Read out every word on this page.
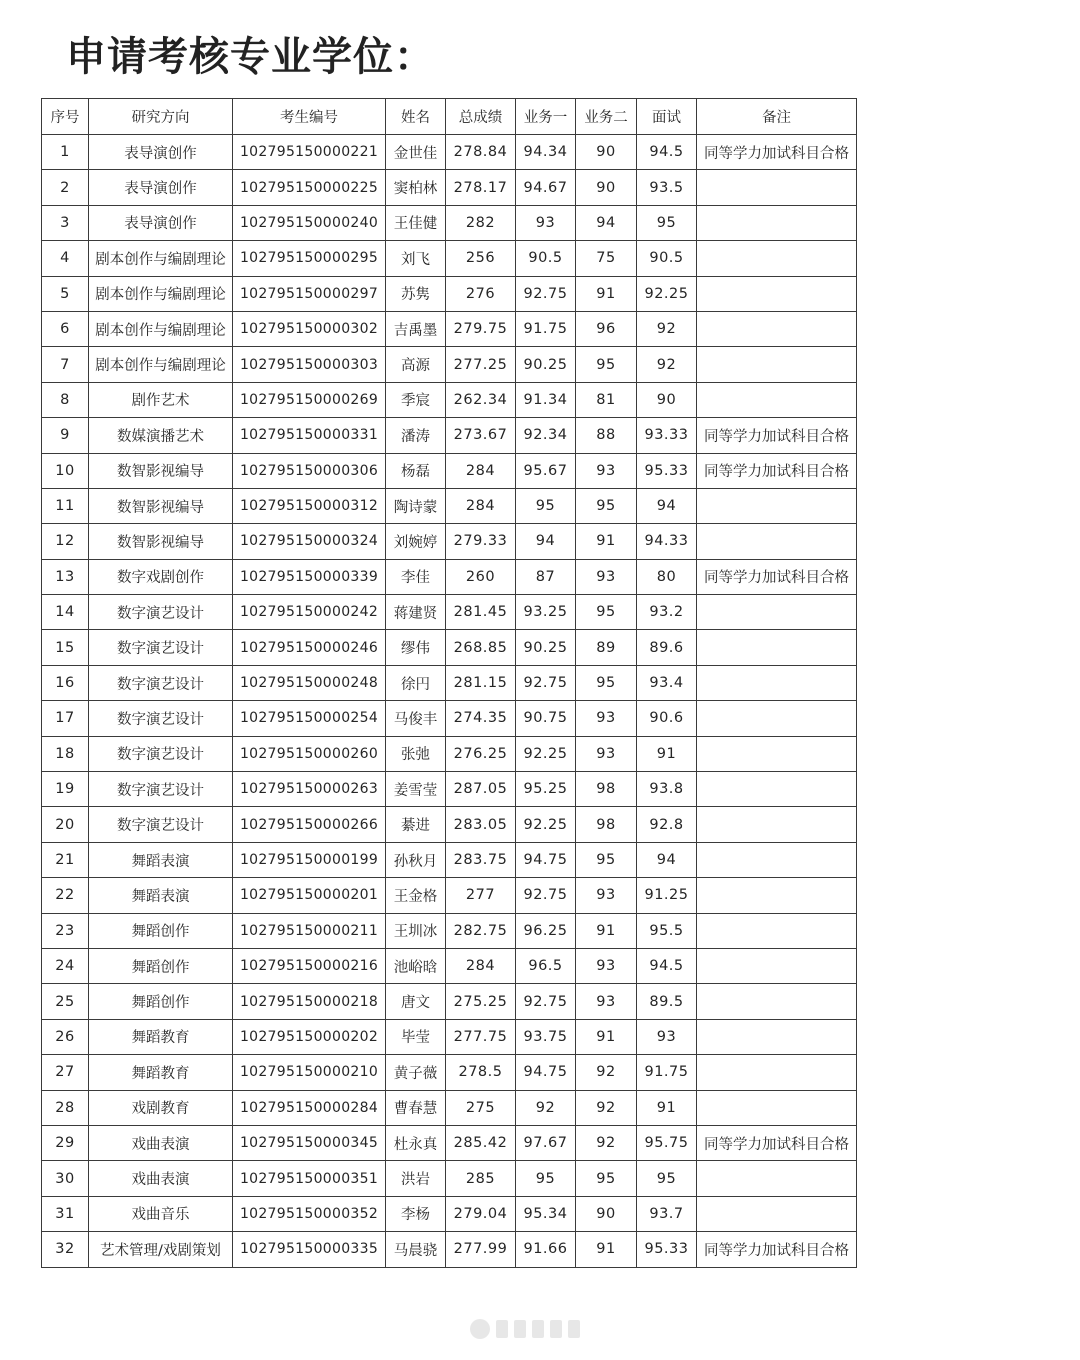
申请考核专业学位：
序号	研究方向	考生编号	姓名	总成绩	业务一	业务二	面试	备注
1	表导演创作	102795150000221	金世佳	278.84	94.34	90	94.5	同等学力加试科目合格
2	表导演创作	102795150000225	窦柏林	278.17	94.67	90	93.5	
3	表导演创作	102795150000240	王佳健	282	93	94	95	
4	剧本创作与编剧理论	102795150000295	刘飞	256	90.5	75	90.5	
5	剧本创作与编剧理论	102795150000297	苏隽	276	92.75	91	92.25	
6	剧本创作与编剧理论	102795150000302	吉禹墨	279.75	91.75	96	92	
7	剧本创作与编剧理论	102795150000303	高源	277.25	90.25	95	92	
8	剧作艺术	102795150000269	季宸	262.34	91.34	81	90	
9	数媒演播艺术	102795150000331	潘涛	273.67	92.34	88	93.33	同等学力加试科目合格
10	数智影视编导	102795150000306	杨磊	284	95.67	93	95.33	同等学力加试科目合格
11	数智影视编导	102795150000312	陶诗蒙	284	95	95	94	
12	数智影视编导	102795150000324	刘婉婷	279.33	94	91	94.33	
13	数字戏剧创作	102795150000339	李佳	260	87	93	80	同等学力加试科目合格
14	数字演艺设计	102795150000242	蒋建贤	281.45	93.25	95	93.2	
15	数字演艺设计	102795150000246	缪伟	268.85	90.25	89	89.6	
16	数字演艺设计	102795150000248	徐円	281.15	92.75	95	93.4	
17	数字演艺设计	102795150000254	马俊丰	274.35	90.75	93	90.6	
18	数字演艺设计	102795150000260	张弛	276.25	92.25	93	91	
19	数字演艺设计	102795150000263	姜雪莹	287.05	95.25	98	93.8	
20	数字演艺设计	102795150000266	綦进	283.05	92.25	98	92.8	
21	舞蹈表演	102795150000199	孙秋月	283.75	94.75	95	94	
22	舞蹈表演	102795150000201	王金格	277	92.75	93	91.25	
23	舞蹈创作	102795150000211	王圳冰	282.75	96.25	91	95.5	
24	舞蹈创作	102795150000216	池峪晗	284	96.5	93	94.5	
25	舞蹈创作	102795150000218	唐文	275.25	92.75	93	89.5	
26	舞蹈教育	102795150000202	毕莹	277.75	93.75	91	93	
27	舞蹈教育	102795150000210	黄子薇	278.5	94.75	92	91.75	
28	戏剧教育	102795150000284	曹春慧	275	92	92	91	
29	戏曲表演	102795150000345	杜永真	285.42	97.67	92	95.75	同等学力加试科目合格
30	戏曲表演	102795150000351	洪岩	285	95	95	95	
31	戏曲音乐	102795150000352	李杨	279.04	95.34	90	93.7	
32	艺术管理/戏剧策划	102795150000335	马晨骁	277.99	91.66	91	95.33	同等学力加试科目合格
